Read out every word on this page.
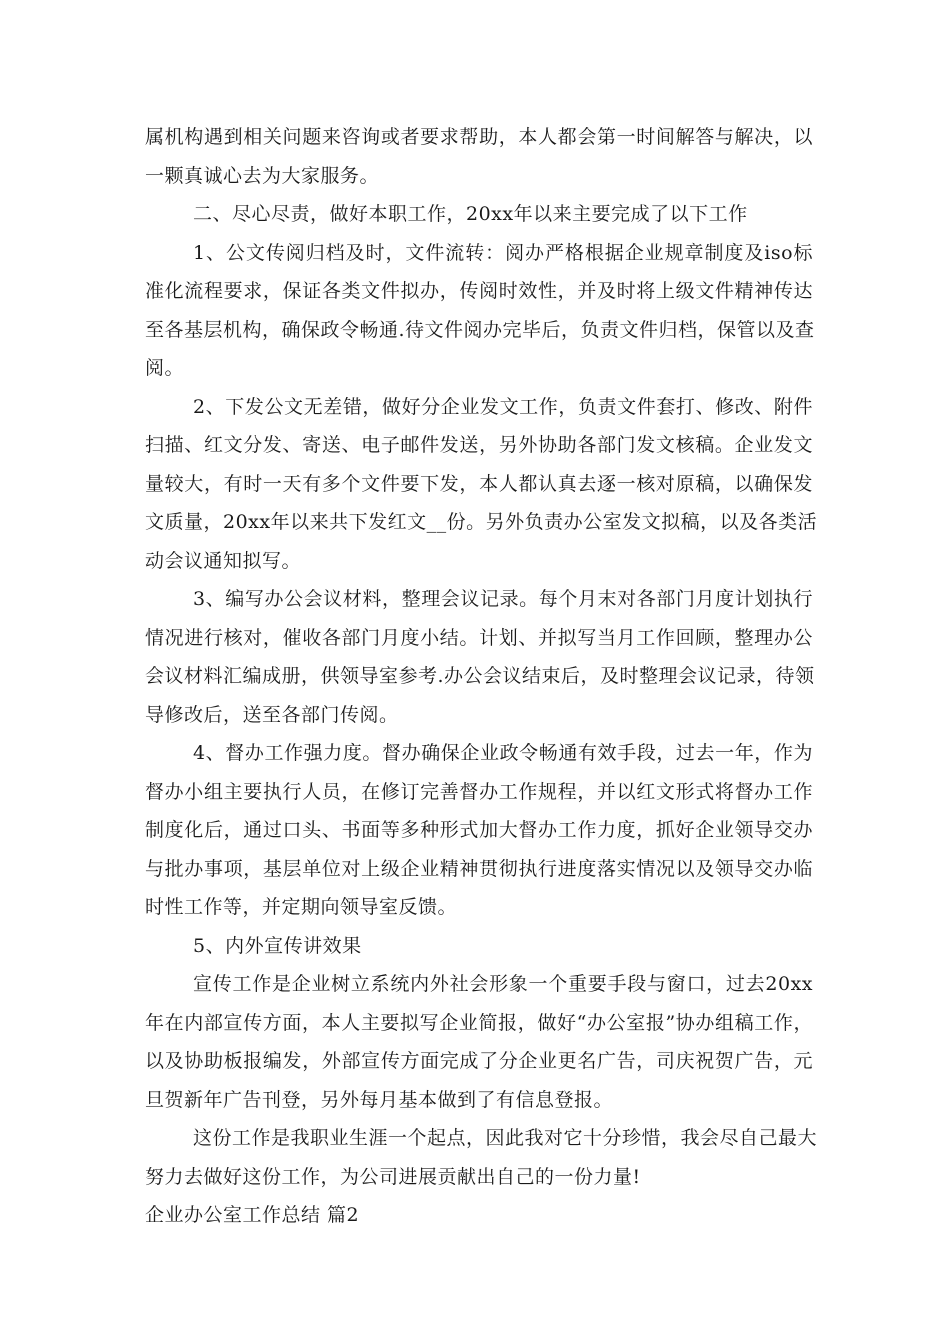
属机构遇到相关问题来咨询或者要求帮助，本人都会第一时间解答与解决，以
一颗真诚心去为大家服务。
二、尽心尽责，做好本职工作，20xx年以来主要完成了以下工作
1、公文传阅归档及时，文件流转：阅办严格根据企业规章制度及iso标
准化流程要求，保证各类文件拟办，传阅时效性，并及时将上级文件精神传达
至各基层机构，确保政令畅通.待文件阅办完毕后，负责文件归档，保管以及查
阅。
2、下发公文无差错，做好分企业发文工作，负责文件套打、修改、附件
扫描、红文分发、寄送、电子邮件发送，另外协助各部门发文核稿。企业发文
量较大，有时一天有多个文件要下发，本人都认真去逐一核对原稿，以确保发
文质量，20xx年以来共下发红文__份。另外负责办公室发文拟稿，以及各类活
动会议通知拟写。
3、编写办公会议材料，整理会议记录。每个月末对各部门月度计划执行
情况进行核对，催收各部门月度小结。计划、并拟写当月工作回顾，整理办公
会议材料汇编成册，供领导室参考.办公会议结束后，及时整理会议记录，待领
导修改后，送至各部门传阅。
4、督办工作强力度。督办确保企业政令畅通有效手段，过去一年，作为
督办小组主要执行人员，在修订完善督办工作规程，并以红文形式将督办工作
制度化后，通过口头、书面等多种形式加大督办工作力度，抓好企业领导交办
与批办事项，基层单位对上级企业精神贯彻执行进度落实情况以及领导交办临
时性工作等，并定期向领导室反馈。
5、内外宣传讲效果
宣传工作是企业树立系统内外社会形象一个重要手段与窗口，过去20xx
年在内部宣传方面，本人主要拟写企业简报，做好“办公室报”协办组稿工作，
以及协助板报编发，外部宣传方面完成了分企业更名广告，司庆祝贺广告，元
旦贺新年广告刊登，另外每月基本做到了有信息登报。
这份工作是我职业生涯一个起点，因此我对它十分珍惜，我会尽自己最大
努力去做好这份工作，为公司进展贡献出自己的一份力量!
企业办公室工作总结 篇2
